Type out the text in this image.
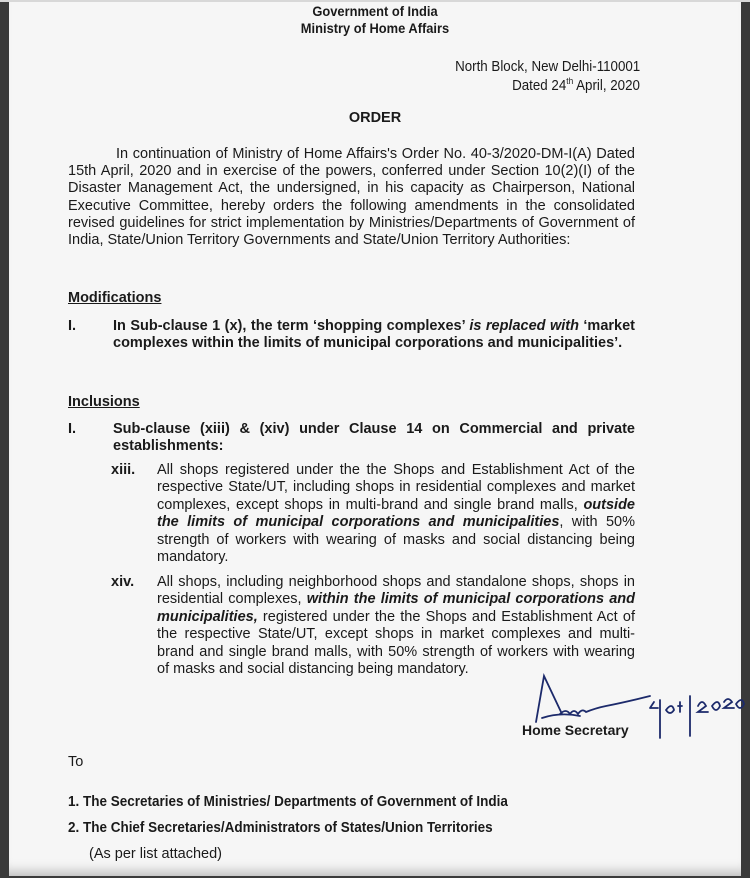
Government of India
Ministry of Home Affairs
North Block, New Delhi-110001
Dated 24th April, 2020
ORDER
In continuation of Ministry of Home Affairs's Order No. 40-3/2020-DM-I(A) Dated 15th April, 2020 and in exercise of the powers, conferred under Section 10(2)(I) of the Disaster Management Act, the undersigned, in his capacity as Chairperson, National Executive Committee, hereby orders the following amendments in the consolidated revised guidelines for strict implementation by Ministries/Departments of Government of India, State/Union Territory Governments and State/Union Territory Authorities:
Modifications
I.	In Sub-clause 1 (x), the term ‘shopping complexes’ is replaced with ‘market complexes within the limits of municipal corporations and municipalities’.
Inclusions
I.	Sub-clause (xiii) & (xiv) under Clause 14 on Commercial and private establishments:
xiii. All shops registered under the the Shops and Establishment Act of the respective State/UT, including shops in residential complexes and market complexes, except shops in multi-brand and single brand malls, outside the limits of municipal corporations and municipalities, with 50% strength of workers with wearing of masks and social distancing being mandatory.
xiv. All shops, including neighborhood shops and standalone shops, shops in residential complexes, within the limits of municipal corporations and municipalities, registered under the the Shops and Establishment Act of the respective State/UT, except shops in market complexes and multi-brand and single brand malls, with 50% strength of workers with wearing of masks and social distancing being mandatory.
Home Secretary
To
1. The Secretaries of Ministries/ Departments of Government of India
2. The Chief Secretaries/Administrators of States/Union Territories
(As per list attached)
